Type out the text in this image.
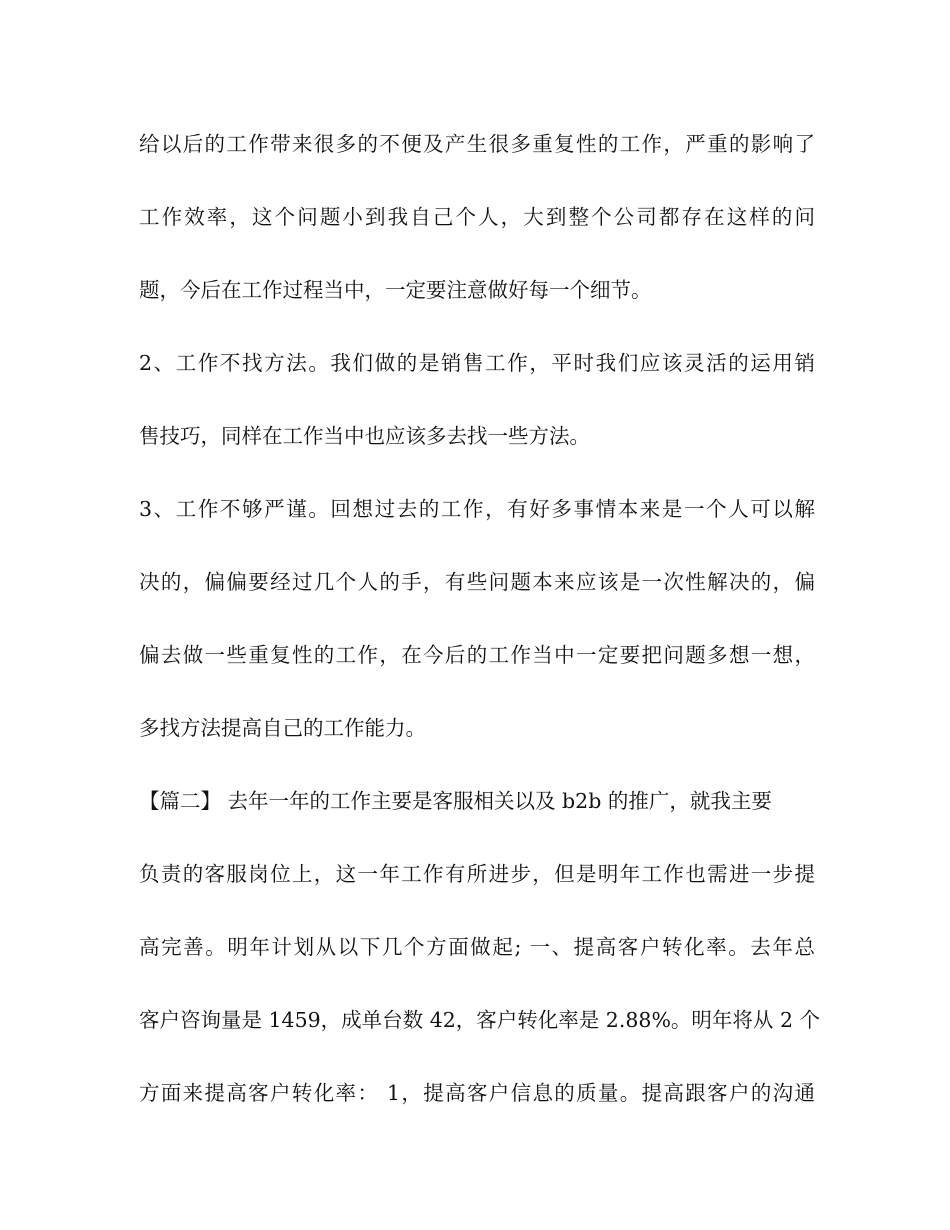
给以后的工作带来很多的不便及产生很多重复性的工作，严重的影响了
工作效率，这个问题小到我自己个人，大到整个公司都存在这样的问
题，今后在工作过程当中，一定要注意做好每一个细节。
2、工作不找方法。我们做的是销售工作，平时我们应该灵活的运用销
售技巧，同样在工作当中也应该多去找一些方法。
3、工作不够严谨。回想过去的工作，有好多事情本来是一个人可以解
决的，偏偏要经过几个人的手，有些问题本来应该是一次性解决的，偏
偏去做一些重复性的工作，在今后的工作当中一定要把问题多想一想，
多找方法提高自己的工作能力。
【篇二】 去年一年的工作主要是客服相关以及 b2b 的推广，就我主要
负责的客服岗位上，这一年工作有所进步，但是明年工作也需进一步提
高完善。明年计划从以下几个方面做起; 一、提高客户转化率。去年总
客户咨询量是 1459，成单台数 42，客户转化率是 2.88%。明年将从 2 个
方面来提高客户转化率： 1，提高客户信息的质量。提高跟客户的沟通
